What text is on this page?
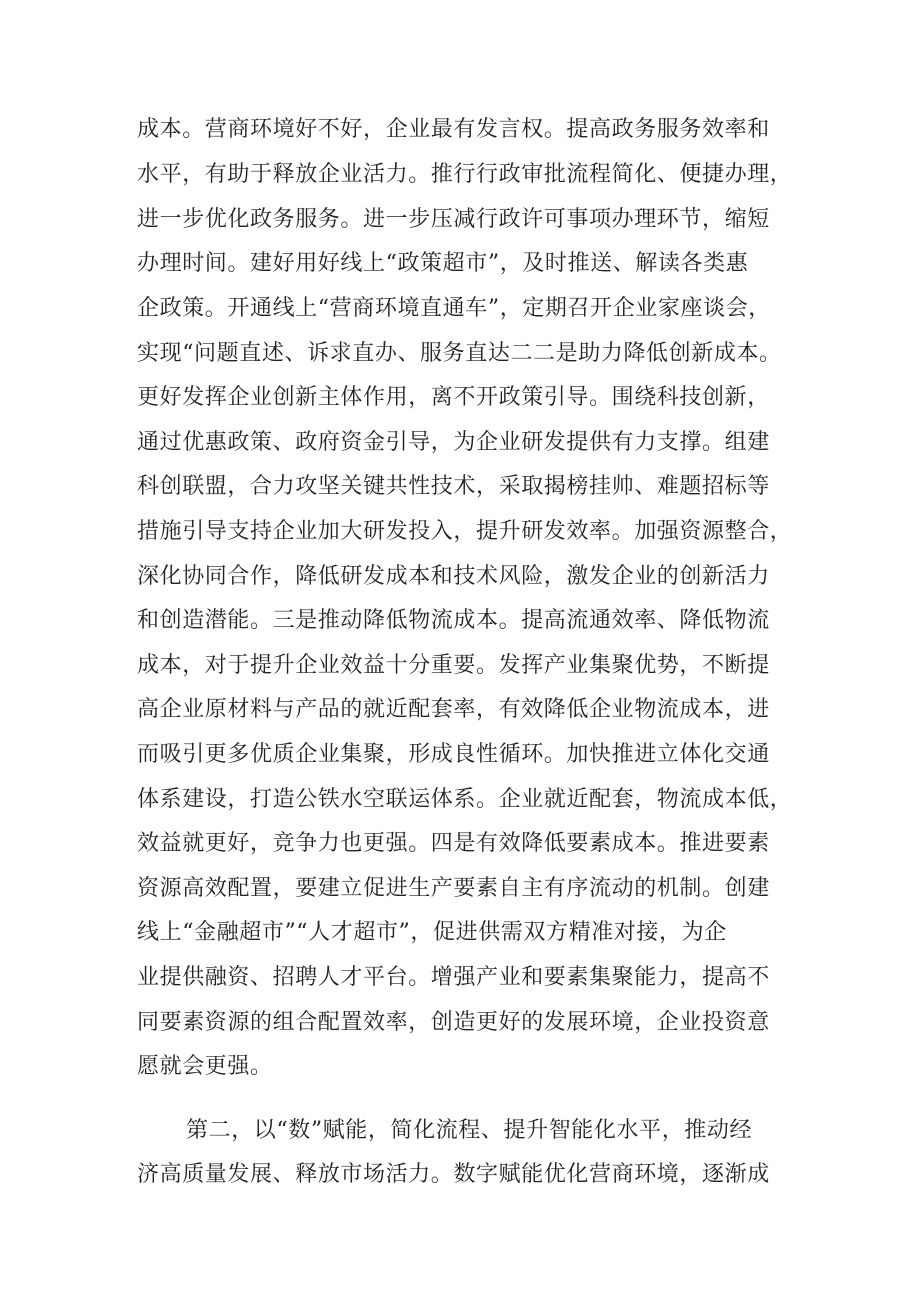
成本。营商环境好不好，企业最有发言权。提高政务服务效率和
水平，有助于释放企业活力。推行行政审批流程简化、便捷办理，
进一步优化政务服务。进一步压减行政许可事项办理环节，缩短
办理时间。建好用好线上“政策超市”，及时推送、解读各类惠
企政策。开通线上“营商环境直通车”，定期召开企业家座谈会，
实现“问题直述、诉求直办、服务直达二二是助力降低创新成本。
更好发挥企业创新主体作用，离不开政策引导。围绕科技创新，
通过优惠政策、政府资金引导，为企业研发提供有力支撑。组建
科创联盟，合力攻坚关键共性技术，采取揭榜挂帅、难题招标等
措施引导支持企业加大研发投入，提升研发效率。加强资源整合，
深化协同合作，降低研发成本和技术风险，激发企业的创新活力
和创造潜能。三是推动降低物流成本。提高流通效率、降低物流
成本，对于提升企业效益十分重要。发挥产业集聚优势，不断提
高企业原材料与产品的就近配套率，有效降低企业物流成本，进
而吸引更多优质企业集聚，形成良性循环。加快推进立体化交通
体系建设，打造公铁水空联运体系。企业就近配套，物流成本低，
效益就更好，竞争力也更强。四是有效降低要素成本。推进要素
资源高效配置，要建立促进生产要素自主有序流动的机制。创建
线上“金融超市”“人才超市”，促进供需双方精准对接，为企
业提供融资、招聘人才平台。增强产业和要素集聚能力，提高不
同要素资源的组合配置效率，创造更好的发展环境，企业投资意
愿就会更强。
第二，以“数”赋能，简化流程、提升智能化水平，推动经
济高质量发展、释放市场活力。数字赋能优化营商环境，逐渐成
